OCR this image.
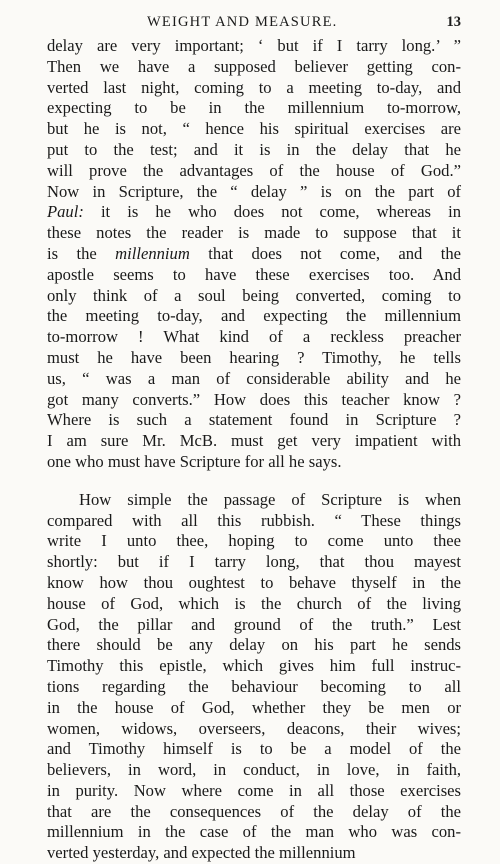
WEIGHT AND MEASURE.	13

delay are very important; ‘ but if I tarry long.’ ”
Then we have a supposed believer getting con-
verted last night, coming to a meeting to-day, and
expecting to be in the millennium to-morrow,
but he is not, “ hence his spiritual exercises are
put to the test; and it is in the delay that he
will prove the advantages of the house of God.”
Now in Scripture, the “ delay ” is on the part of
Paul: it is he who does not come, whereas in
these notes the reader is made to suppose that it
is the millennium that does not come, and the
apostle seems to have these exercises too. And
only think of a soul being converted, coming to
the meeting to-day, and expecting the millennium
to-morrow ! What kind of a reckless preacher
must he have been hearing ? Timothy, he tells
us, “ was a man of considerable ability and he
got many converts.” How does this teacher know ?
Where is such a statement found in Scripture ?
I am sure Mr. McB. must get very impatient with
one who must have Scripture for all he says.

How simple the passage of Scripture is when
compared with all this rubbish. “ These things
write I unto thee, hoping to come unto thee
shortly: but if I tarry long, that thou mayest
know how thou oughtest to behave thyself in the
house of God, which is the church of the living
God, the pillar and ground of the truth.” Lest
there should be any delay on his part he sends
Timothy this epistle, which gives him full instruc-
tions regarding the behaviour becoming to all
in the house of God, whether they be men or
women, widows, overseers, deacons, their wives;
and Timothy himself is to be a model of the
believers, in word, in conduct, in love, in faith,
in purity. Now where come in all those exercises
that are the consequences of the delay of the
millennium in the case of the man who was con-
verted yesterday, and expected the millennium
